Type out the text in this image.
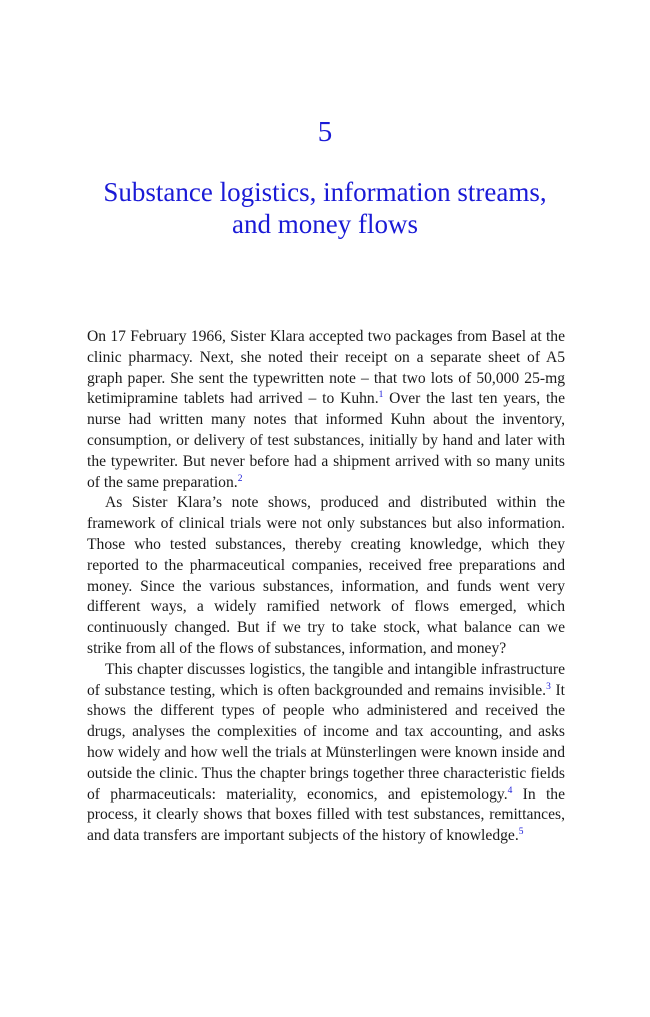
5
Substance logistics, information streams,
and money flows

On 17 February 1966, Sister Klara accepted two packages from Basel at the clinic pharmacy. Next, she noted their receipt on a separate sheet of A5 graph paper. She sent the typewritten note – that two lots of 50,000 25-mg ketimipramine tablets had arrived – to Kuhn.$^1$ Over the last ten years, the nurse had written many notes that informed Kuhn about the inventory, consumption, or delivery of test substances, initially by hand and later with the typewriter. But never before had a shipment arrived with so many units of the same preparation.$^2$

As Sister Klara’s note shows, produced and distributed within the framework of clinical trials were not only substances but also information. Those who tested substances, thereby creating knowledge, which they reported to the pharmaceutical companies, received free preparations and money. Since the various substances, information, and funds went very different ways, a widely ramified network of flows emerged, which continuously changed. But if we try to take stock, what balance can we strike from all of the flows of substances, information, and money?

This chapter discusses logistics, the tangible and intangible infrastructure of substance testing, which is often backgrounded and remains invisible.$^3$ It shows the different types of people who administered and received the drugs, analyses the complexities of income and tax accounting, and asks how widely and how well the trials at Münsterlingen were known inside and outside the clinic. Thus the chapter brings together three characteristic fields of pharmaceuticals: materiality, economics, and epistemology.$^4$ In the process, it clearly shows that boxes filled with test substances, remittances, and data transfers are important subjects of the history of knowledge.$^5$
